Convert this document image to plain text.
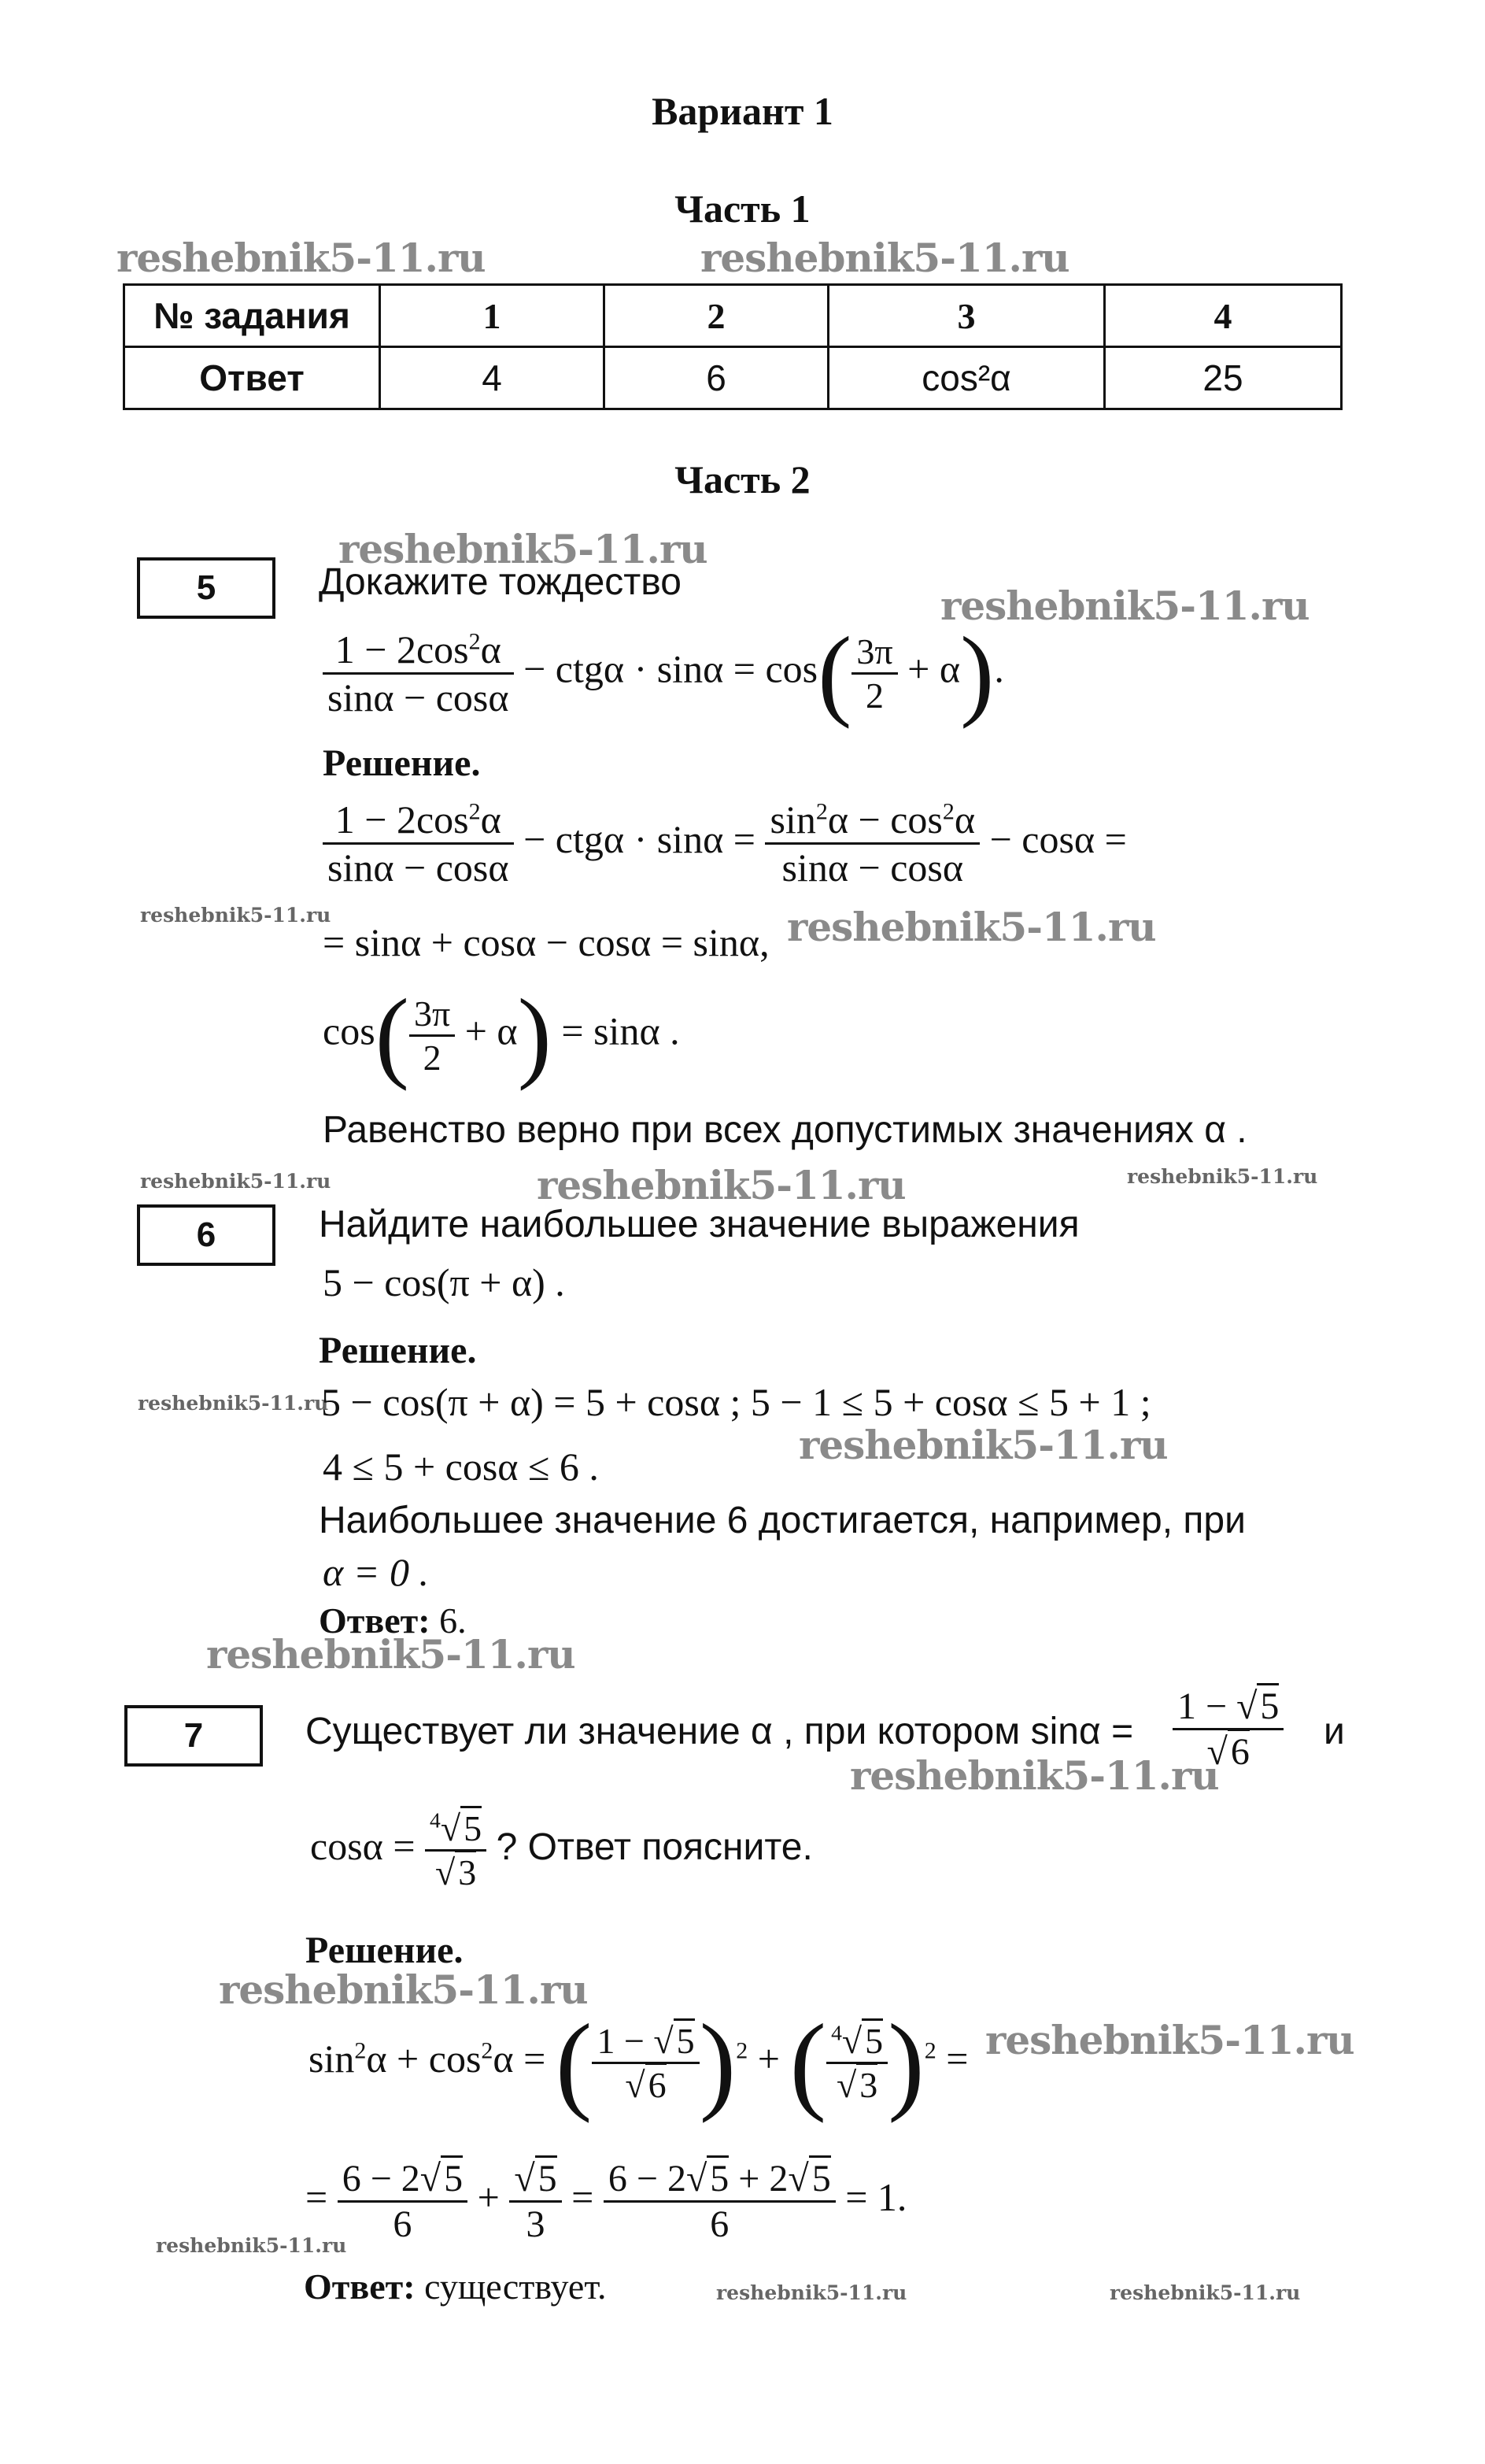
Вариант 1
Часть 1
reshebnik5-11.ru	reshebnik5-11.ru
№ задания	1	2	3	4
Ответ	4	6	cos²α	25
Часть 2
reshebnik5-11.ru
reshebnik5-11.ru
5	Докажите тождество
$\frac{1 - 2\cos^2\alpha}{\sin\alpha - \cos\alpha} - ctg\alpha \cdot \sin\alpha = \cos( \frac{3\pi}{2} + \alpha)$.
Решение.
$\frac{1 - 2\cos^2\alpha}{\sin\alpha - \cos\alpha} - ctg\alpha \cdot \sin\alpha = \frac{\sin^2\alpha - \cos^2\alpha}{\sin\alpha - \cos\alpha} - \cos\alpha$ =
reshebnik5-11.ru	reshebnik5-11.ru
= sinα + cosα − cosα = sinα,
$\cos( \frac{3\pi}{2} + \alpha) = \sin\alpha$ .
Равенство верно при всех допустимых значениях α .
reshebnik5-11.ru	reshebnik5-11.ru	reshebnik5-11.ru
6	Найдите наибольшее значение выражения
5 − cos(π + α) .
Решение.
reshebnik5-11.ru
5 − cos(π + α) = 5 + cosα ; 5 − 1 ≤ 5 + cosα ≤ 5 + 1 ;
reshebnik5-11.ru
4 ≤ 5 + cosα ≤ 6 .
Наибольшее значение 6 достигается, например, при
α = 0 .
Ответ: 6.
reshebnik5-11.ru
7	Существует ли значение α , при котором $\sin\alpha = \frac{1 - √5}{√6}$ и
reshebnik5-11.ru
$\cos\alpha = \frac{^4√5}{√3}$ ? Ответ поясните.
Решение.
reshebnik5-11.ru
reshebnik5-11.ru
$\sin^2\alpha + \cos^2\alpha$ = ( $\frac{1 - √5}{√6} )^2$ + ( $\frac{^4√5}{√3} )^2$ =
= $\frac{6 - 2√5}{6} + \frac{√5}{3} = \frac{6 - 2√5 + 2√5}{6} = 1$.
reshebnik5-11.ru
Ответ: существует.	reshebnik5-11.ru	reshebnik5-11.ru
